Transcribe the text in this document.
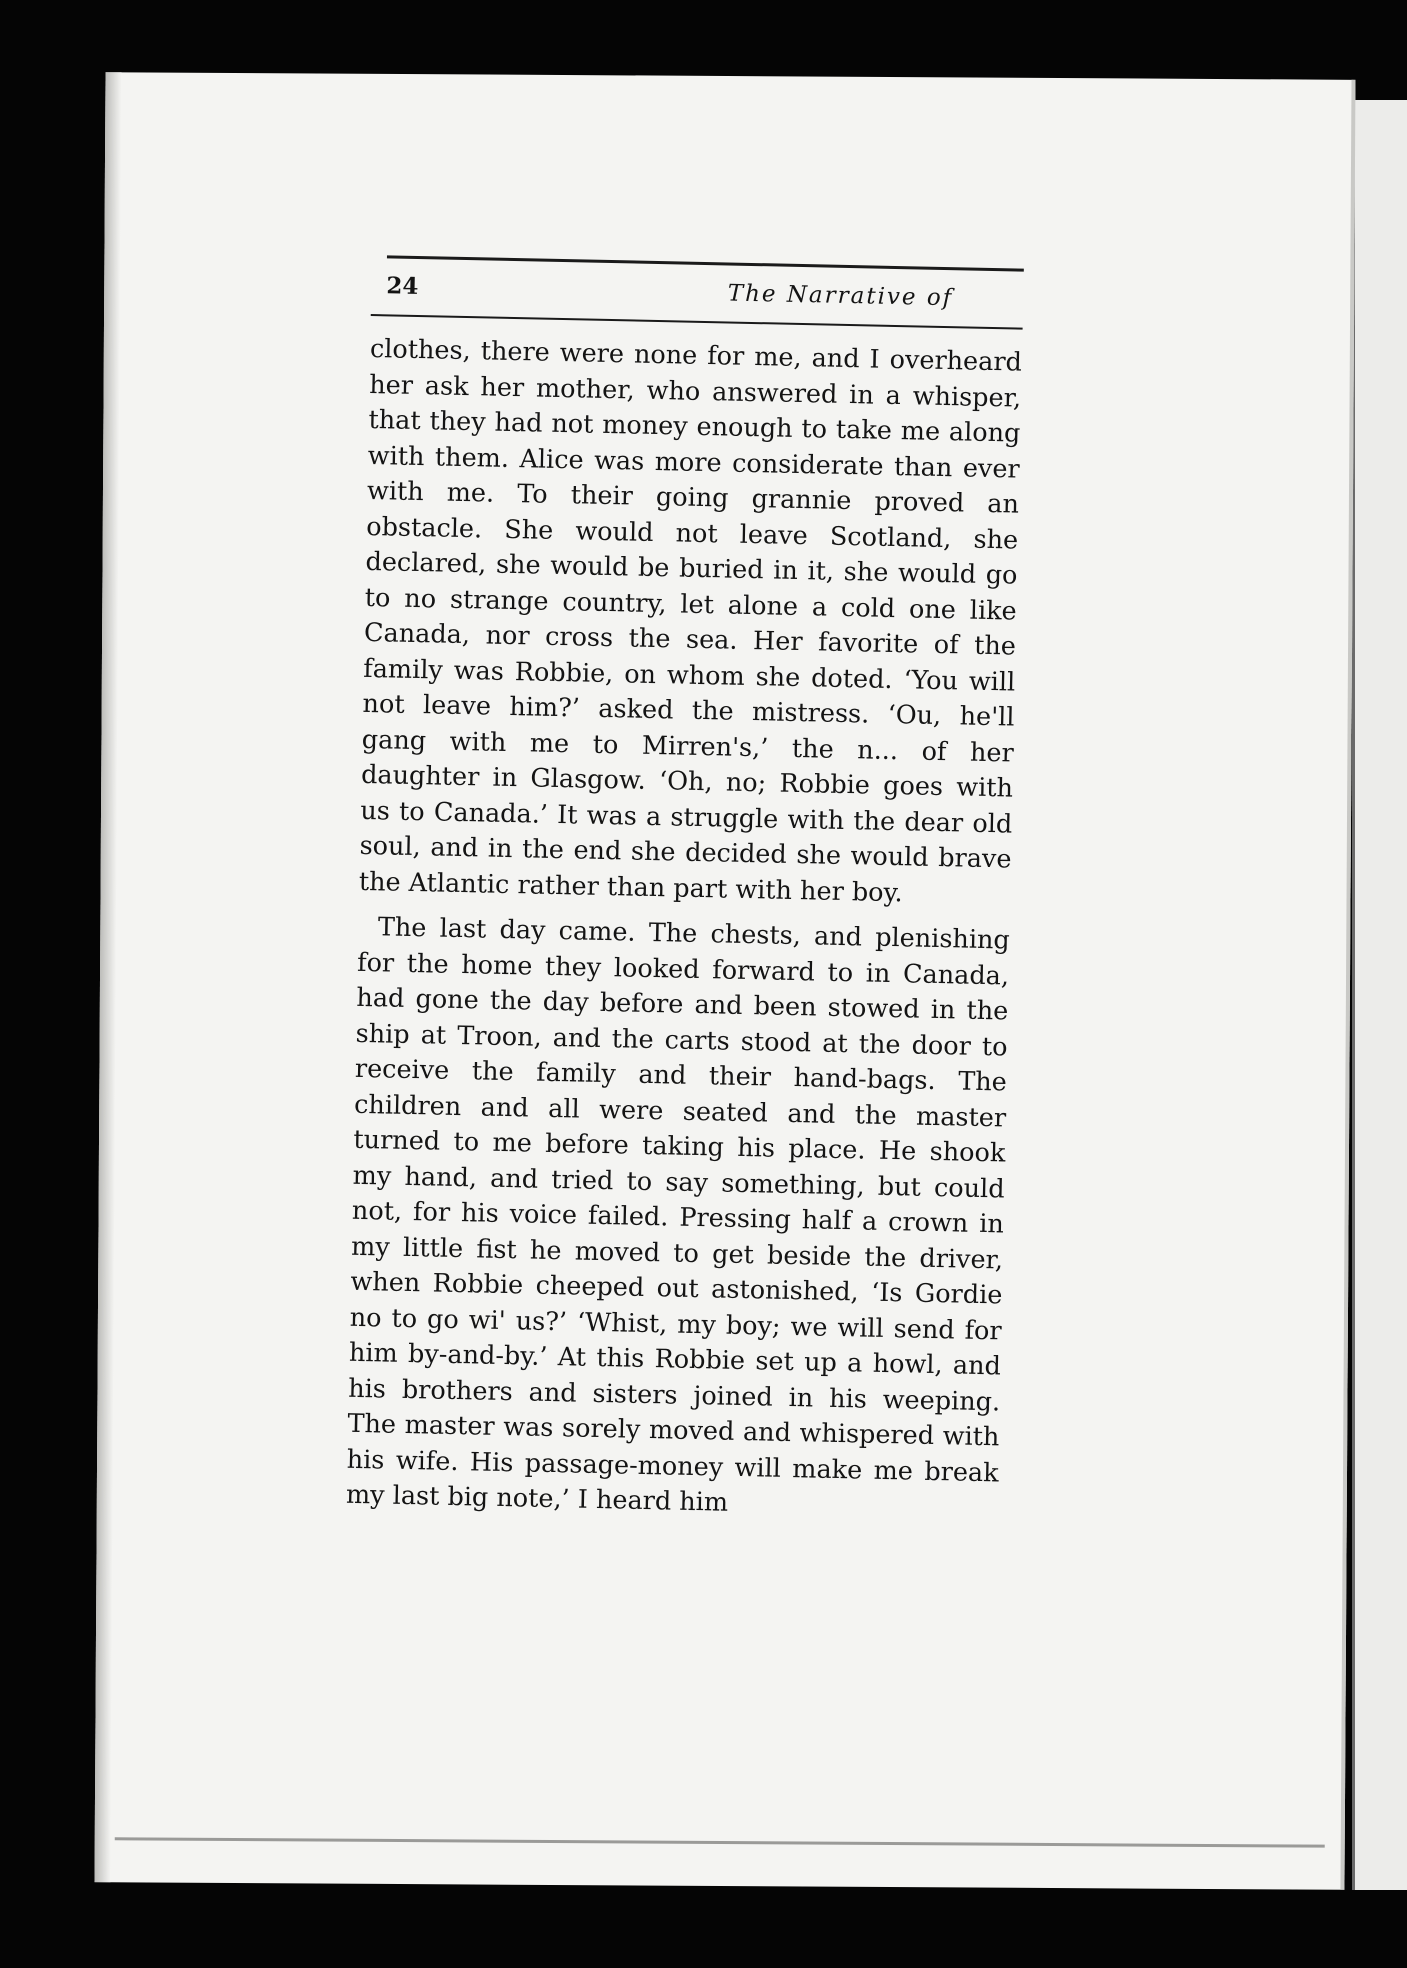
24	The Narrative of

clothes, there were none for me, and I overheard her ask her mother, who answered in a whisper, that they had not money enough to take me along with them. Alice was more considerate than ever with me. To their going grannie proved an obstacle. She would not leave Scotland, she declared, she would be buried in it, she would go to no strange country, let alone a cold one like Canada, nor cross the sea. Her favorite of the family was Robbie, on whom she doted. ‘You will not leave him?’ asked the mistress. ‘Ou, he'll gang with me to Mirren's,’ the n... of her daughter in Glasgow. ‘Oh, no; Robbie goes with us to Canada.’ It was a struggle with the dear old soul, and in the end she decided she would brave the Atlantic rather than part with her boy.

The last day came. The chests, and plenishing for the home they looked forward to in Canada, had gone the day before and been stowed in the ship at Troon, and the carts stood at the door to receive the family and their hand-bags. The children and all were seated and the master turned to me before taking his place. He shook my hand, and tried to say something, but could not, for his voice failed. Pressing half a crown in my little fist he moved to get beside the driver, when Robbie cheeped out astonished, ‘Is Gordie no to go wi' us?’ ‘Whist, my boy; we will send for him by-and-by.’ At this Robbie set up a howl, and his brothers and sisters joined in his weeping. The master was sorely moved and whispered with his wife. His passage-money will make me break my last big note,’ I heard him
